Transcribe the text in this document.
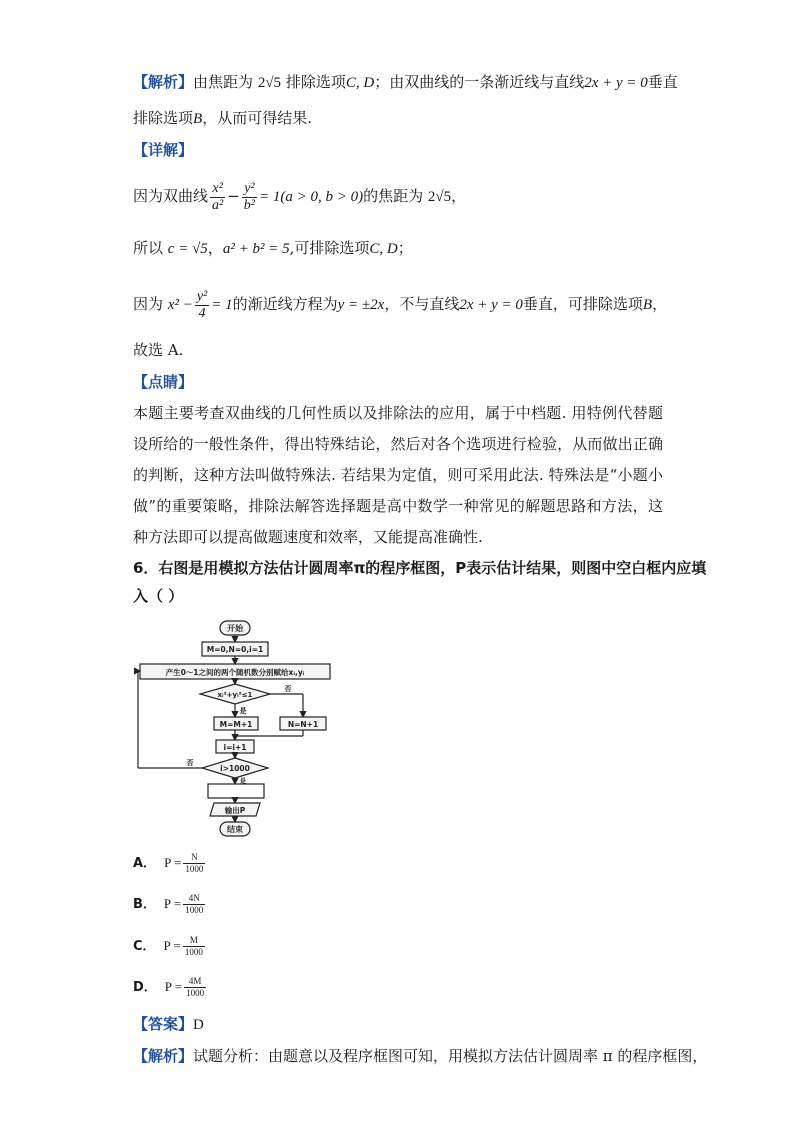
【解析】由焦距为 2√5 排除选项C, D；由双曲线的一条渐近线与直线2x + y = 0垂直
排除选项B，从而可得结果.
【详解】
因为双曲线 $\frac{\text{x²}}{\text{a²}} - \frac{\text{y²}}{\text{b²}} = 1(a > 0$, b > 0)的焦距为 2√5，
所以 c = √5，a² + b² = 5,可排除选项C, D；
因为 $x^2 - \frac{\text{y²}}{4} = 1$的渐近线方程为y = ±2x，不与直线2x + y = 0垂直，可排除选项B，
故选 A.
【点睛】
本题主要考查双曲线的几何性质以及排除法的应用，属于中档题. 用特例代替题设所给的一般性条件，得出特殊结论，然后对各个选项进行检验，从而做出正确的判断，这种方法叫做特殊法. 若结果为定值，则可采用此法. 特殊法是“小题小做”的重要策略，排除法解答选择题是高中数学一种常见的解题思路和方法，这种方法即可以提高做题速度和效率，又能提高准确性.
6．右图是用模拟方法估计圆周率π的程序框图，P表示估计结果，则图中空白框内应填
入（ ）
开始
M=0,N=0,i=1
产生0～1之间的两个随机数分别赋给xᵢ,yᵢ
xᵢ²+yᵢ²≤1
否
是
M=M+1	N=N+1
i=i+1
i>1000
否
是
输出P
结束
A． $P = \frac{N}{1000}$
B． $P = \frac{4N}{1000}$
C． $P = \frac{M}{1000}$
D． $P = \frac{4M}{1000}$
【答案】D
【解析】试题分析：由题意以及程序框图可知，用模拟方法估计圆周率 π 的程序框图，
